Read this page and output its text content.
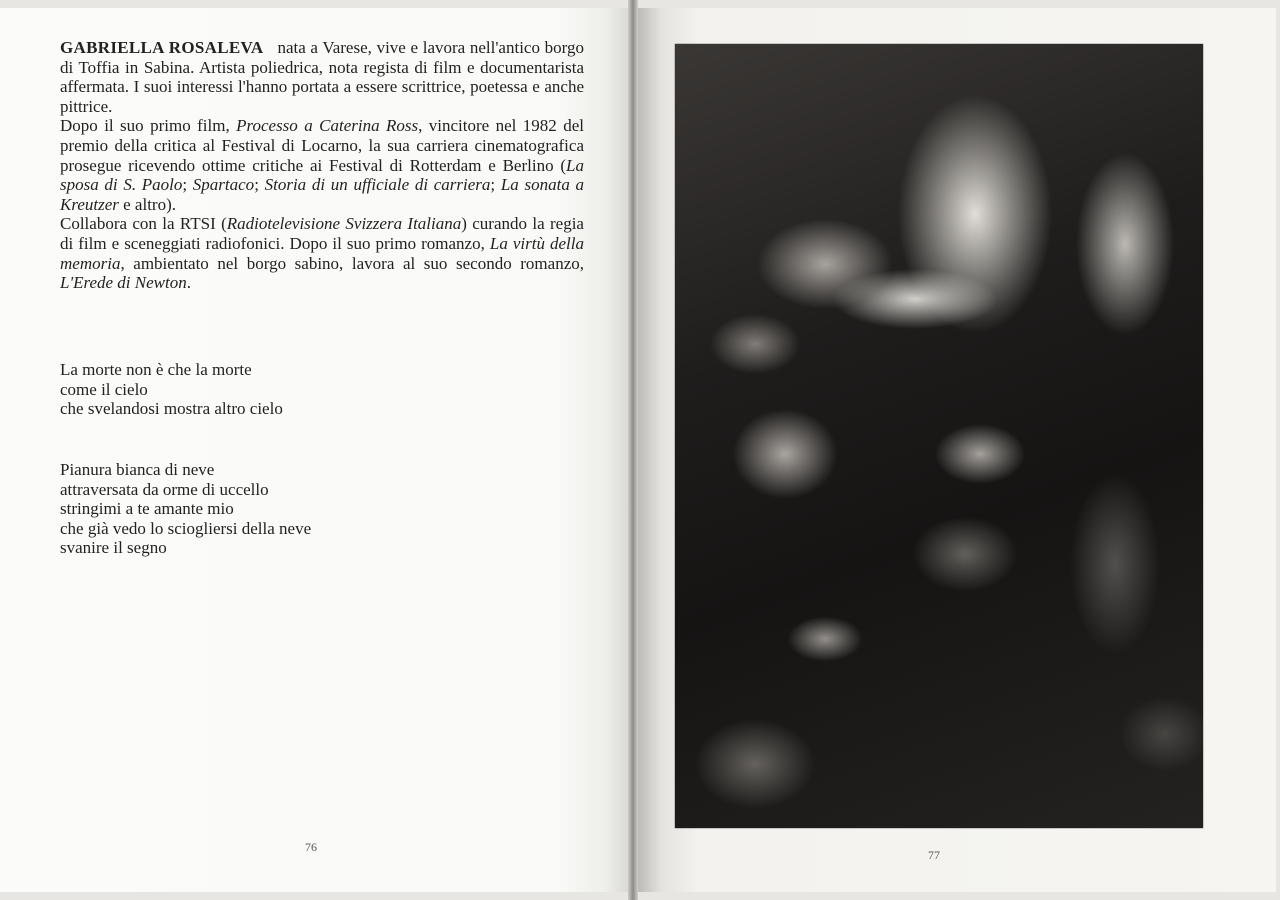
GABRIELLA ROSALEVA nata a Varese, vive e lavora nell'antico borgo di Toffia in Sabina. Artista poliedrica, nota regista di film e documentarista affermata. I suoi interessi l'hanno portata a essere scrittrice, poetessa e anche pittrice.

Dopo il suo primo film, Processo a Caterina Ross, vincitore nel 1982 del premio della critica al Festival di Locarno, la sua carriera cinematografica prosegue ricevendo ottime critiche ai Festival di Rotterdam e Berlino (La sposa di S. Paolo; Spartaco; Storia di un ufficiale di carriera; La sonata a Kreutzer e altro).

Collabora con la RTSI (Radiotelevisione Svizzera Italiana) curando la regia di film e sceneggiati radiofonici. Dopo il suo primo romanzo, La virtù della memoria, ambientato nel borgo sabino, lavora al suo secondo romanzo, L'Erede di Newton.

La morte non è che la morte
come il cielo
che svelandosi mostra altro cielo
Pianura bianca di neve
attraversata da orme di uccello
stringimi a te amante mio
che già vedo lo sciogliersi della neve
svanire il segno
76
77
